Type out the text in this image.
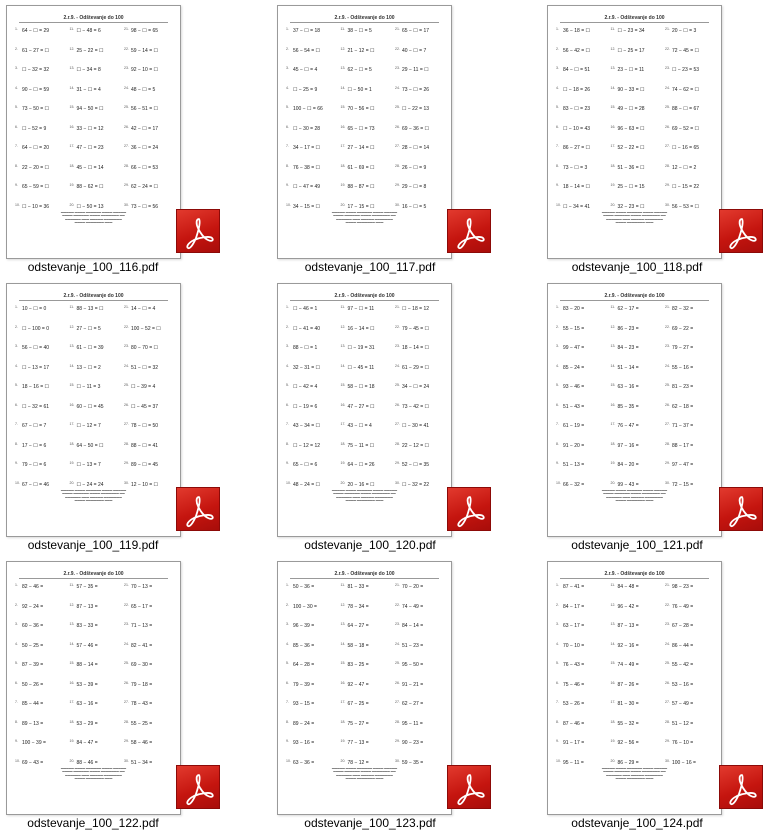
2.r.9. - Odštevanje do 100
1. 64 − ☐ = 29
2. 61 − 27 = ☐
3. ☐ − 32 = 32
4. 90 − ☐ = 59
5. 73 − 50 = ☐
6. ☐ − 52 = 9
7. 64 − ☐ = 20
8. 22 − 20 = ☐
9. 65 − 59 = ☐
10. ☐ − 10 = 36
11. ☐ − 48 = 6
12. 25 − 22 = ☐
13. ☐ − 34 = 8
14. 31 − ☐ = 4
15. 94 − 50 = ☐
16. 33 − ☐ = 12
17. 47 − ☐ = 23
18. 45 − ☐ = 14
19. 88 − 62 = ☐
20. ☐ − 50 = 13
21. 98 − ☐ = 65
22. 59 − 14 = ☐
23. 92 − 10 = ☐
24. 48 − ☐ = 5
25. 56 − 51 = ☐
26. 42 − ☐ = 17
27. 36 − ☐ = 24
28. 66 − ☐ = 53
29. 62 − 24 = ☐
30. 73 − ☐ = 56
▬▬▬▬▬ ▬▬▬▬ ▬▬▬▬▬▬ ▬▬▬▬ ▬▬▬▬▬
▬▬▬▬ ▬▬▬▬▬▬ ▬▬▬▬ ▬▬▬▬▬▬▬ ▬▬
▬▬▬▬▬▬ ▬▬▬ ▬▬▬▬▬ ▬▬▬▬▬▬▬
▬▬▬▬ ▬▬▬▬▬▬▬ ▬▬▬
odstevanje_100_116.pdf
2.r.9. - Odštevanje do 100
1. 37 − ☐ = 18
2. 56 − 54 = ☐
3. 45 − ☐ = 4
4. ☐ − 25 = 9
5. 100 − ☐ = 66
6. ☐ − 30 = 28
7. 34 − 17 = ☐
8. 76 − 38 = ☐
9. ☐ − 47 = 49
10. 34 − 15 = ☐
11. 38 − ☐ = 5
12. 21 − 12 = ☐
13. 62 − ☐ = 5
14. ☐ − 50 = 1
15. 70 − 56 = ☐
16. 65 − ☐ = 73
17. 27 − 14 = ☐
18. 61 − 69 = ☐
19. 88 − 87 = ☐
20. 17 − 15 = ☐
21. 65 − ☐ = 17
22. 40 − ☐ = 7
23. 29 − 11 = ☐
24. 73 − ☐ = 26
25. ☐ − 22 = 13
26. 69 − 36 = ☐
27. 28 − ☐ = 14
28. 26 − ☐ = 9
29. 29 − ☐ = 8
30. 16 − ☐ = 5
▬▬▬▬▬ ▬▬▬▬ ▬▬▬▬▬▬ ▬▬▬▬ ▬▬▬▬▬
▬▬▬▬ ▬▬▬▬▬▬ ▬▬▬▬ ▬▬▬▬▬▬▬ ▬▬
▬▬▬▬▬▬ ▬▬▬ ▬▬▬▬▬ ▬▬▬▬▬▬▬
▬▬▬▬ ▬▬▬▬▬▬▬ ▬▬▬
odstevanje_100_117.pdf
2.r.9. - Odštevanje do 100
1. 36 − 18 = ☐
2. 56 − 42 = ☐
3. 84 − ☐ = 51
4. ☐ − 18 = 26
5. 83 − ☐ = 23
6. ☐ − 10 = 43
7. 86 − 27 = ☐
8. 73 − ☐ = 3
9. 18 − 14 = ☐
10. ☐ − 34 = 41
11. ☐ − 23 = 34
12. ☐ − 25 = 17
13. 23 − ☐ = 11
14. 90 − 33 = ☐
15. 49 − ☐ = 28
16. 96 − 63 = ☐
17. 52 − 22 = ☐
18. 51 − 36 = ☐
19. 25 − ☐ = 15
20. 32 − 23 = ☐
21. 20 − ☐ = 3
22. 72 − 45 = ☐
23. ☐ − 23 = 53
24. 74 − 62 = ☐
25. 88 − ☐ = 67
26. 69 − 52 = ☐
27. ☐ − 16 = 65
28. 12 − ☐ = 2
29. ☐ − 15 = 22
30. 56 − 53 = ☐
▬▬▬▬▬ ▬▬▬▬ ▬▬▬▬▬▬ ▬▬▬▬ ▬▬▬▬▬
▬▬▬▬ ▬▬▬▬▬▬ ▬▬▬▬ ▬▬▬▬▬▬▬ ▬▬
▬▬▬▬▬▬ ▬▬▬ ▬▬▬▬▬ ▬▬▬▬▬▬▬
▬▬▬▬ ▬▬▬▬▬▬▬ ▬▬▬
odstevanje_100_118.pdf
2.r.9. - Odštevanje do 100
1. 10 − ☐ = 0
2. ☐ − 100 = 0
3. 56 − ☐ = 40
4. ☐ − 13 = 17
5. 18 − 16 = ☐
6. ☐ − 32 = 61
7. 67 − ☐ = 7
8. 17 − ☐ = 6
9. 79 − ☐ = 6
10. 67 − ☐ = 46
11. 88 − 13 = ☐
12. 27 − ☐ = 5
13. 61 − ☐ = 39
14. 13 − ☐ = 2
15. ☐ − 11 = 3
16. 60 − ☐ = 45
17. ☐ − 12 = 7
18. 64 − 50 = ☐
19. ☐ − 13 = 7
20. ☐ − 24 = 24
21. 14 − ☐ = 4
22. 100 − 52 = ☐
23. 80 − 70 = ☐
24. 51 − ☐ = 32
25. ☐ − 39 = 4
26. ☐ − 45 = 37
27. 78 − ☐ = 50
28. 88 − ☐ = 41
29. 89 − ☐ = 45
30. 12 − 10 = ☐
▬▬▬▬▬ ▬▬▬▬ ▬▬▬▬▬▬ ▬▬▬▬ ▬▬▬▬▬
▬▬▬▬ ▬▬▬▬▬▬ ▬▬▬▬ ▬▬▬▬▬▬▬ ▬▬
▬▬▬▬▬▬ ▬▬▬ ▬▬▬▬▬ ▬▬▬▬▬▬▬
▬▬▬▬ ▬▬▬▬▬▬▬ ▬▬▬
odstevanje_100_119.pdf
2.r.9. - Odštevanje do 100
1. ☐ − 46 = 1
2. ☐ − 41 = 40
3. 88 − ☐ = 1
4. 32 − 31 = ☐
5. ☐ − 42 = 4
6. ☐ − 19 = 6
7. 43 − 34 = ☐
8. ☐ − 12 = 12
9. 65 − ☐ = 6
10. 48 − 24 = ☐
11. 97 − ☐ = 11
12. 16 − 14 = ☐
13. ☐ − 19 = 31
14. ☐ − 45 = 11
15. 58 − ☐ = 18
16. 47 − 27 = ☐
17. 43 − ☐ = 4
18. 75 − 11 = ☐
19. 64 − ☐ = 26
20. 20 − 16 = ☐
21. ☐ − 18 = 12
22. 79 − 45 = ☐
23. 18 − 14 = ☐
24. 61 − 29 = ☐
25. 34 − ☐ = 24
26. 73 − 42 = ☐
27. ☐ − 30 = 41
28. 22 − 12 = ☐
29. 52 − ☐ = 35
30. ☐ − 32 = 22
▬▬▬▬▬ ▬▬▬▬ ▬▬▬▬▬▬ ▬▬▬▬ ▬▬▬▬▬
▬▬▬▬ ▬▬▬▬▬▬ ▬▬▬▬ ▬▬▬▬▬▬▬ ▬▬
▬▬▬▬▬▬ ▬▬▬ ▬▬▬▬▬ ▬▬▬▬▬▬▬
▬▬▬▬ ▬▬▬▬▬▬▬ ▬▬▬
odstevanje_100_120.pdf
2.r.9. - Odštevanje do 100
1. 83 − 20 =
2. 55 − 15 =
3. 99 − 47 =
4. 85 − 24 =
5. 93 − 46 =
6. 51 − 43 =
7. 61 − 19 =
8. 91 − 20 =
9. 51 − 13 =
10. 66 − 32 =
11. 62 − 17 =
12. 86 − 23 =
13. 84 − 23 =
14. 51 − 14 =
15. 63 − 16 =
16. 85 − 35 =
17. 76 − 47 =
18. 97 − 16 =
19. 84 − 20 =
20. 99 − 43 =
21. 82 − 32 =
22. 69 − 22 =
23. 79 − 27 =
24. 55 − 16 =
25. 81 − 23 =
26. 62 − 18 =
27. 71 − 37 =
28. 88 − 17 =
29. 97 − 47 =
30. 72 − 15 =
▬▬▬▬▬ ▬▬▬▬ ▬▬▬▬▬▬ ▬▬▬▬ ▬▬▬▬▬
▬▬▬▬ ▬▬▬▬▬▬ ▬▬▬▬ ▬▬▬▬▬▬▬ ▬▬
▬▬▬▬▬▬ ▬▬▬ ▬▬▬▬▬ ▬▬▬▬▬▬▬
▬▬▬▬ ▬▬▬▬▬▬▬ ▬▬▬
odstevanje_100_121.pdf
2.r.9. - Odštevanje do 100
1. 82 − 46 =
2. 92 − 24 =
3. 60 − 36 =
4. 50 − 25 =
5. 87 − 39 =
6. 50 − 26 =
7. 85 − 44 =
8. 89 − 13 =
9. 100 − 39 =
10. 69 − 43 =
11. 57 − 35 =
12. 87 − 13 =
13. 83 − 33 =
14. 57 − 46 =
15. 88 − 14 =
16. 53 − 39 =
17. 63 − 16 =
18. 53 − 29 =
19. 84 − 47 =
20. 88 − 46 =
21. 70 − 13 =
22. 65 − 17 =
23. 71 − 13 =
24. 82 − 41 =
25. 69 − 30 =
26. 79 − 18 =
27. 78 − 43 =
28. 55 − 25 =
29. 58 − 46 =
30. 51 − 34 =
▬▬▬▬▬ ▬▬▬▬ ▬▬▬▬▬▬ ▬▬▬▬ ▬▬▬▬▬
▬▬▬▬ ▬▬▬▬▬▬ ▬▬▬▬ ▬▬▬▬▬▬▬ ▬▬
▬▬▬▬▬▬ ▬▬▬ ▬▬▬▬▬ ▬▬▬▬▬▬▬
▬▬▬▬ ▬▬▬▬▬▬▬ ▬▬▬
odstevanje_100_122.pdf
2.r.9. - Odštevanje do 100
1. 50 − 36 =
2. 100 − 30 =
3. 96 − 39 =
4. 85 − 36 =
5. 64 − 28 =
6. 79 − 39 =
7. 93 − 15 =
8. 89 − 24 =
9. 93 − 16 =
10. 63 − 36 =
11. 81 − 33 =
12. 78 − 34 =
13. 64 − 27 =
14. 58 − 18 =
15. 83 − 25 =
16. 92 − 47 =
17. 67 − 25 =
18. 75 − 27 =
19. 77 − 13 =
20. 78 − 12 =
21. 70 − 20 =
22. 74 − 49 =
23. 84 − 14 =
24. 51 − 23 =
25. 95 − 50 =
26. 91 − 21 =
27. 62 − 27 =
28. 95 − 11 =
29. 90 − 23 =
30. 59 − 35 =
▬▬▬▬▬ ▬▬▬▬ ▬▬▬▬▬▬ ▬▬▬▬ ▬▬▬▬▬
▬▬▬▬ ▬▬▬▬▬▬ ▬▬▬▬ ▬▬▬▬▬▬▬ ▬▬
▬▬▬▬▬▬ ▬▬▬ ▬▬▬▬▬ ▬▬▬▬▬▬▬
▬▬▬▬ ▬▬▬▬▬▬▬ ▬▬▬
odstevanje_100_123.pdf
2.r.9. - Odštevanje do 100
1. 87 − 41 =
2. 84 − 17 =
3. 63 − 17 =
4. 70 − 10 =
5. 76 − 43 =
6. 75 − 46 =
7. 53 − 26 =
8. 87 − 46 =
9. 91 − 17 =
10. 95 − 11 =
11. 84 − 48 =
12. 96 − 42 =
13. 87 − 13 =
14. 92 − 16 =
15. 74 − 49 =
16. 87 − 26 =
17. 81 − 30 =
18. 55 − 32 =
19. 92 − 56 =
20. 86 − 29 =
21. 98 − 23 =
22. 76 − 49 =
23. 67 − 28 =
24. 86 − 44 =
25. 55 − 42 =
26. 53 − 16 =
27. 57 − 49 =
28. 51 − 12 =
29. 76 − 10 =
30. 100 − 16 =
▬▬▬▬▬ ▬▬▬▬ ▬▬▬▬▬▬ ▬▬▬▬ ▬▬▬▬▬
▬▬▬▬ ▬▬▬▬▬▬ ▬▬▬▬ ▬▬▬▬▬▬▬ ▬▬
▬▬▬▬▬▬ ▬▬▬ ▬▬▬▬▬ ▬▬▬▬▬▬▬
▬▬▬▬ ▬▬▬▬▬▬▬ ▬▬▬
odstevanje_100_124.pdf
